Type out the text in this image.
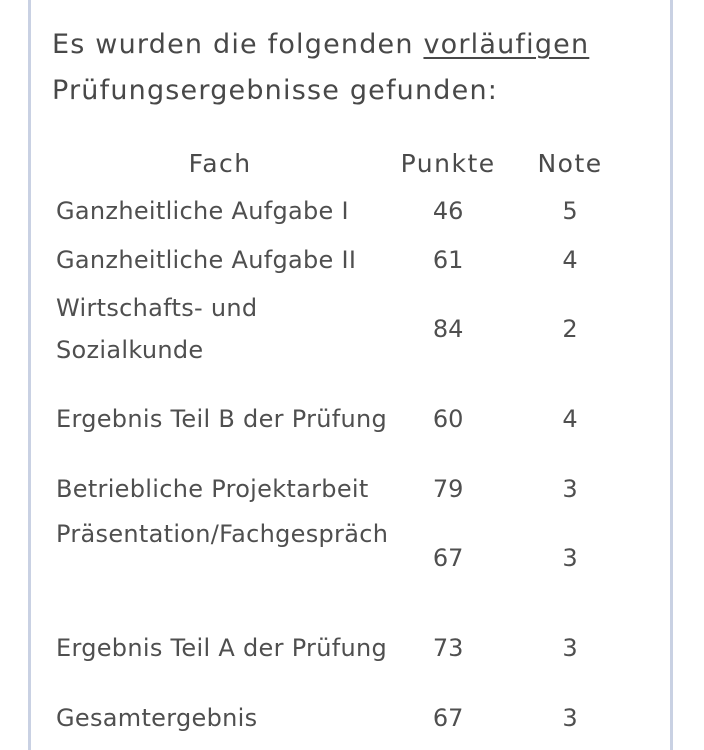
Es wurden die folgenden vorläufigen
Prüfungsergebnisse gefunden:
Fach	Punkte	Note
Ganzheitliche Aufgabe I	46	5
Ganzheitliche Aufgabe II	61	4
Wirtschafts- und Sozialkunde	84	2
Ergebnis Teil B der Prüfung	60	4
Betriebliche Projektarbeit	79	3
Präsentation/Fachgespräch	67	3
Ergebnis Teil A der Prüfung	73	3
Gesamtergebnis	67	3
